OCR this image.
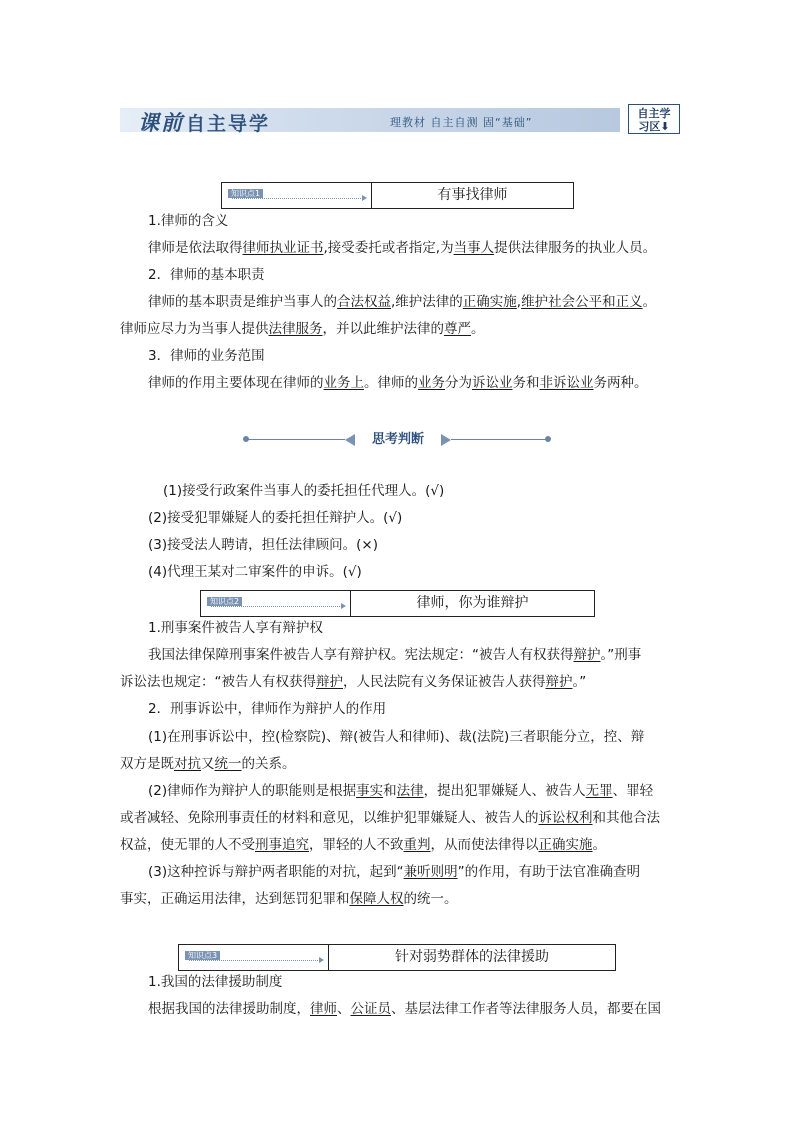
课前 自主导学	理教材 自主自测 固“基础”
自主学
习区⬇
知识点1	有事找律师
1.律师的含义
律师是依法取得律师执业证书,接受委托或者指定,为当事人提供法律服务的执业人员。
2．律师的基本职责
律师的基本职责是维护当事人的合法权益,维护法律的正确实施,维护社会公平和正义。
律师应尽力为当事人提供法律服务，并以此维护法律的尊严。
3．律师的业务范围
律师的作用主要体现在律师的业务上。律师的业务分为诉讼业务和非诉讼业务两种。
思考判断
(1)接受行政案件当事人的委托担任代理人。(√)
(2)接受犯罪嫌疑人的委托担任辩护人。(√)
(3)接受法人聘请，担任法律顾问。(×)
(4)代理王某对二审案件的申诉。(√)
知识点2	律师，你为谁辩护
1.刑事案件被告人享有辩护权
我国法律保障刑事案件被告人享有辩护权。宪法规定：“被告人有权获得辩护。”刑事
诉讼法也规定：“被告人有权获得辩护，人民法院有义务保证被告人获得辩护。”
2．刑事诉讼中，律师作为辩护人的作用
(1)在刑事诉讼中，控(检察院)、辩(被告人和律师)、裁(法院)三者职能分立，控、辩
双方是既对抗又统一的关系。
(2)律师作为辩护人的职能则是根据事实和法律，提出犯罪嫌疑人、被告人无罪、罪轻
或者减轻、免除刑事责任的材料和意见，以维护犯罪嫌疑人、被告人的诉讼权利和其他合法
权益，使无罪的人不受刑事追究，罪轻的人不致重判，从而使法律得以正确实施。
(3)这种控诉与辩护两者职能的对抗，起到“兼听则明”的作用，有助于法官准确查明
事实，正确运用法律，达到惩罚犯罪和保障人权的统一。
知识点3	针对弱势群体的法律援助
1.我国的法律援助制度
根据我国的法律援助制度，律师、公证员、基层法律工作者等法律服务人员，都要在国
